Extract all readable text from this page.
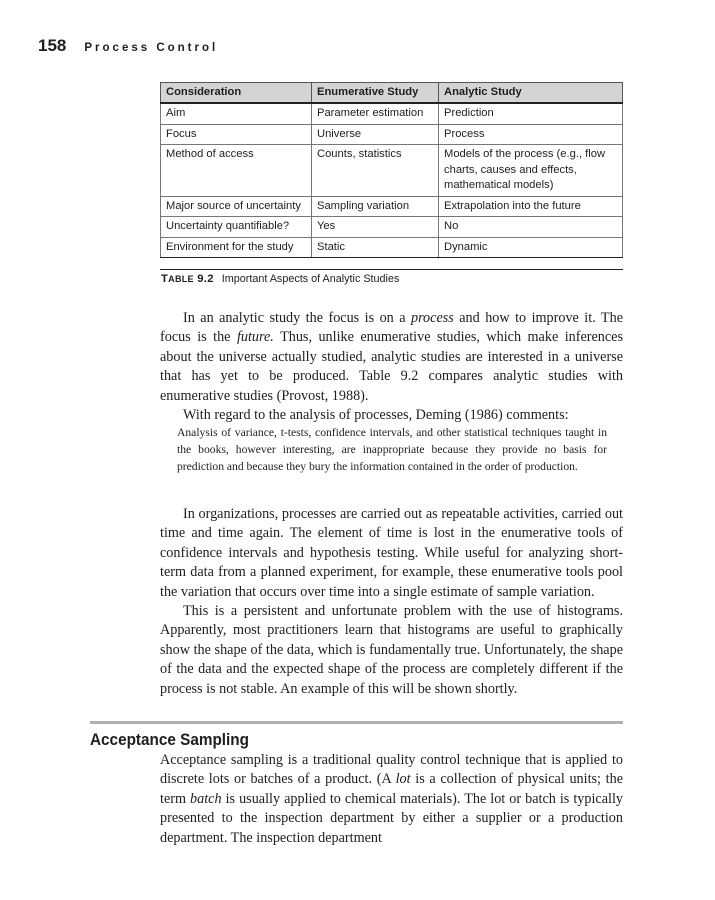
158 Process Control
Consideration	Enumerative Study	Analytic Study
Aim	Parameter estimation	Prediction
Focus	Universe	Process
Method of access	Counts, statistics	Models of the process (e.g., flow charts, causes and effects, mathematical models)
Major source of uncertainty	Sampling variation	Extrapolation into the future
Uncertainty quantifiable?	Yes	No
Environment for the study	Static	Dynamic
TABLE 9.2 Important Aspects of Analytic Studies

In an analytic study the focus is on a process and how to improve it. The focus is the future. Thus, unlike enumerative studies, which make inferences about the universe actually studied, analytic studies are interested in a universe that has yet to be produced. Table 9.2 compares analytic studies with enumerative studies (Provost, 1988).

With regard to the analysis of processes, Deming (1986) comments:

Analysis of variance, t-tests, confidence intervals, and other statistical techniques taught in the books, however interesting, are inappropriate because they provide no basis for prediction and because they bury the information contained in the order of production.

In organizations, processes are carried out as repeatable activities, carried out time and time again. The element of time is lost in the enumerative tools of confidence intervals and hypothesis testing. While useful for analyzing short-term data from a planned experiment, for example, these enumerative tools pool the variation that occurs over time into a single estimate of sample variation.

This is a persistent and unfortunate problem with the use of histograms. Apparently, most practitioners learn that histograms are useful to graphically show the shape of the data, which is fundamentally true. Unfortunately, the shape of the data and the expected shape of the process are completely different if the process is not stable. An example of this will be shown shortly.

Acceptance Sampling

Acceptance sampling is a traditional quality control technique that is applied to discrete lots or batches of a product. (A lot is a collection of physical units; the term batch is usually applied to chemical materials). The lot or batch is typically presented to the inspection department by either a supplier or a production department. The inspection department
